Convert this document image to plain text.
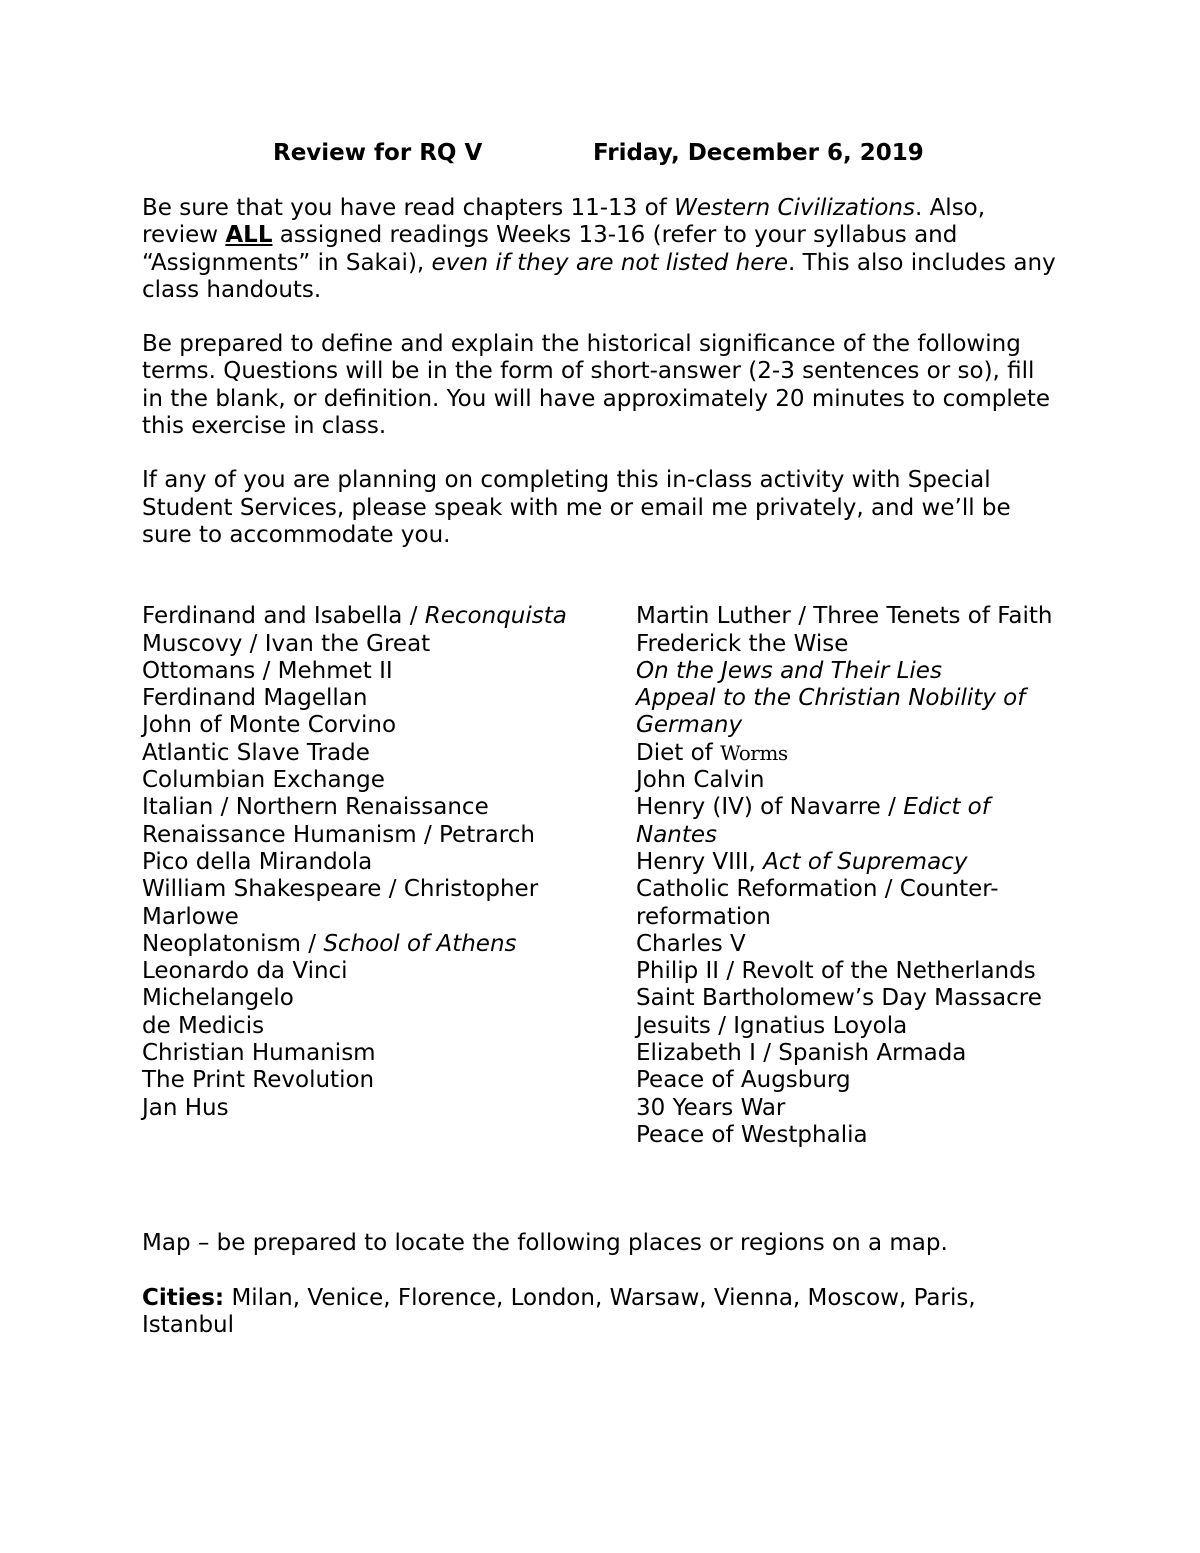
Review for RQ V	Friday, December 6, 2019

Be sure that you have read chapters 11-13 of Western Civilizations. Also, review ALL assigned readings Weeks 13-16 (refer to your syllabus and “Assignments” in Sakai), even if they are not listed here. This also includes any class handouts.

Be prepared to define and explain the historical significance of the following terms. Questions will be in the form of short-answer (2-3 sentences or so), fill in the blank, or definition. You will have approximately 20 minutes to complete this exercise in class.

If any of you are planning on completing this in-class activity with Special Student Services, please speak with me or email me privately, and we’ll be sure to accommodate you.

Ferdinand and Isabella / Reconquista
Muscovy / Ivan the Great
Ottomans / Mehmet II
Ferdinand Magellan
John of Monte Corvino
Atlantic Slave Trade
Columbian Exchange
Italian / Northern Renaissance
Renaissance Humanism / Petrarch
Pico della Mirandola
William Shakespeare / Christopher Marlowe
Neoplatonism / School of Athens
Leonardo da Vinci
Michelangelo
de Medicis
Christian Humanism
The Print Revolution
Jan Hus
Martin Luther / Three Tenets of Faith
Frederick the Wise
On the Jews and Their Lies
Appeal to the Christian Nobility of Germany
Diet of Worms
John Calvin
Henry (IV) of Navarre / Edict of Nantes
Henry VIII, Act of Supremacy
Catholic Reformation / Counter-reformation
Charles V
Philip II / Revolt of the Netherlands
Saint Bartholomew’s Day Massacre
Jesuits / Ignatius Loyola
Elizabeth I / Spanish Armada
Peace of Augsburg
30 Years War
Peace of Westphalia

Map – be prepared to locate the following places or regions on a map.

Cities: Milan, Venice, Florence, London, Warsaw, Vienna, Moscow, Paris, Istanbul
